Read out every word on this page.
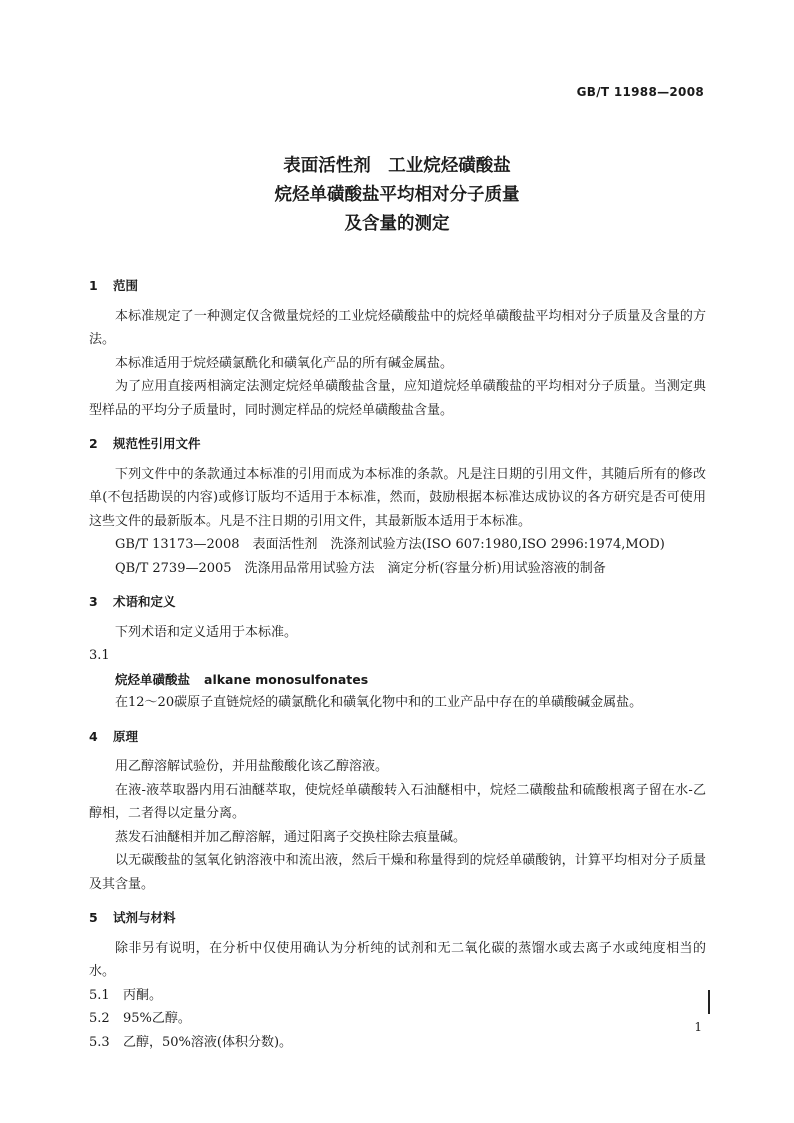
GB/T 11988—2008
表面活性剂　工业烷烃磺酸盐
烷烃单磺酸盐平均相对分子质量
及含量的测定
1 范围

本标准规定了一种测定仅含微量烷烃的工业烷烃磺酸盐中的烷烃单磺酸盐平均相对分子质量及含量的方法。

本标准适用于烷烃磺氯酰化和磺氧化产品的所有碱金属盐。

为了应用直接两相滴定法测定烷烃单磺酸盐含量，应知道烷烃单磺酸盐的平均相对分子质量。当测定典型样品的平均分子质量时，同时测定样品的烷烃单磺酸盐含量。

2 规范性引用文件

下列文件中的条款通过本标准的引用而成为本标准的条款。凡是注日期的引用文件，其随后所有的修改单(不包括勘误的内容)或修订版均不适用于本标准，然而，鼓励根据本标准达成协议的各方研究是否可使用这些文件的最新版本。凡是不注日期的引用文件，其最新版本适用于本标准。

GB/T 13173—2008　表面活性剂　洗涤剂试验方法(ISO 607:1980,ISO 2996:1974,MOD)

QB/T 2739—2005　洗涤用品常用试验方法　滴定分析(容量分析)用试验溶液的制备

3 术语和定义

下列术语和定义适用于本标准。

3.1

烷烃单磺酸盐 alkane monosulfonates

在12～20碳原子直链烷烃的磺氯酰化和磺氧化物中和的工业产品中存在的单磺酸碱金属盐。

4 原理

用乙醇溶解试验份，并用盐酸酸化该乙醇溶液。

在液-液萃取器内用石油醚萃取，使烷烃单磺酸转入石油醚相中，烷烃二磺酸盐和硫酸根离子留在水-乙醇相，二者得以定量分离。

蒸发石油醚相并加乙醇溶解，通过阳离子交换柱除去痕量碱。

以无碳酸盐的氢氧化钠溶液中和流出液，然后干燥和称量得到的烷烃单磺酸钠，计算平均相对分子质量及其含量。

5 试剂与材料

除非另有说明，在分析中仅使用确认为分析纯的试剂和无二氧化碳的蒸馏水或去离子水或纯度相当的水。

5.1 丙酮。

5.2 95%乙醇。

5.3 乙醇，50%溶液(体积分数)。

1
